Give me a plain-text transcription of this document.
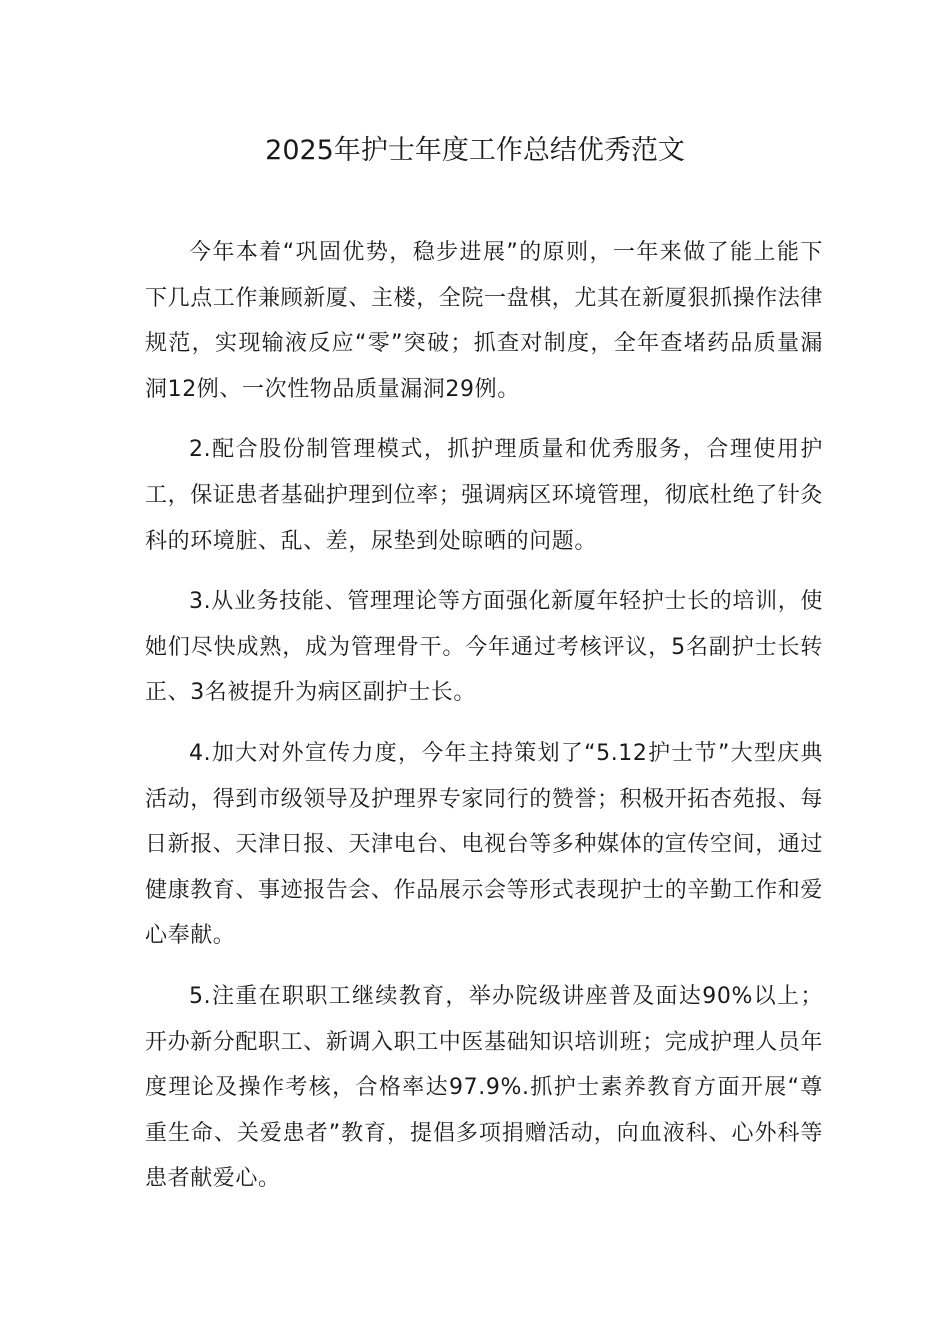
2025年护士年度工作总结优秀范文

今年本着“巩固优势，稳步进展”的原则，一年来做了能上能下下几点工作兼顾新厦、主楼，全院一盘棋，尤其在新厦狠抓操作法律规范，实现输液反应“零”突破；抓查对制度，全年查堵药品质量漏洞12例、一次性物品质量漏洞29例。

2.配合股份制管理模式，抓护理质量和优秀服务，合理使用护工，保证患者基础护理到位率；强调病区环境管理，彻底杜绝了针灸科的环境脏、乱、差，尿垫到处晾晒的问题。

3.从业务技能、管理理论等方面强化新厦年轻护士长的培训，使她们尽快成熟，成为管理骨干。今年通过考核评议，5名副护士长转正、3名被提升为病区副护士长。

4.加大对外宣传力度，今年主持策划了“5.12护士节”大型庆典活动，得到市级领导及护理界专家同行的赞誉；积极开拓杏苑报、每日新报、天津日报、天津电台、电视台等多种媒体的宣传空间，通过健康教育、事迹报告会、作品展示会等形式表现护士的辛勤工作和爱心奉献。

5.注重在职职工继续教育，举办院级讲座普及面达90%以上；开办新分配职工、新调入职工中医基础知识培训班；完成护理人员年度理论及操作考核，合格率达97.9%.抓护士素养教育方面开展“尊重生命、关爱患者”教育，提倡多项捐赠活动，向血液科、心外科等患者献爱心。
